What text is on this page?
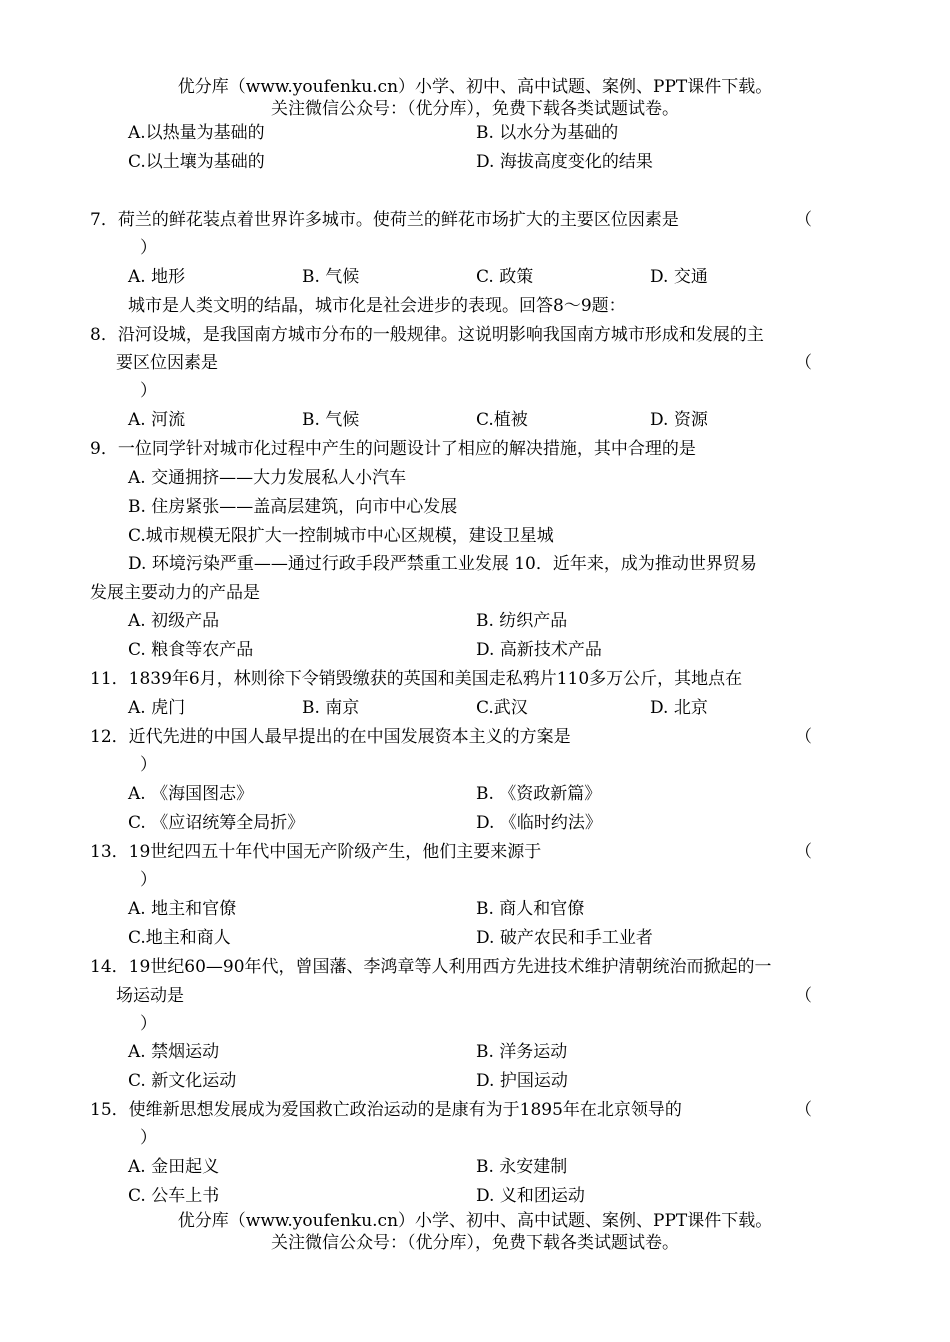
优分库（www.youfenku.cn）小学、初中、高中试题、案例、PPT课件下载。
关注微信公众号：（优分库），免费下载各类试题试卷。
A.以热量为基础的	B. 以水分为基础的
C.以土壤为基础的	D. 海拔高度变化的结果
7．荷兰的鲜花装点着世界许多城市。使荷兰的鲜花市场扩大的主要区位因素是	（
）
A. 地形	B. 气候	C. 政策	D. 交通
城市是人类文明的结晶，城市化是社会进步的表现。回答8～9题：
8．沿河设城，是我国南方城市分布的一般规律。这说明影响我国南方城市形成和发展的主
要区位因素是	（
）
A. 河流	B. 气候	C.植被	D. 资源
9．一位同学针对城市化过程中产生的问题设计了相应的解决措施，其中合理的是
A. 交通拥挤——大力发展私人小汽车
B. 住房紧张——盖高层建筑，向市中心发展
C.城市规模无限扩大一控制城市中心区规模，建设卫星城
D. 环境污染严重——通过行政手段严禁重工业发展 10．近年来，成为推动世界贸易
发展主要动力的产品是
A. 初级产品	B. 纺织产品
C. 粮食等农产品	D. 高新技术产品
11．1839年6月，林则徐下令销毁缴获的英国和美国走私鸦片110多万公斤，其地点在
A. 虎门	B. 南京	C.武汉	D. 北京
12．近代先进的中国人最早提出的在中国发展资本主义的方案是	（
）
A. 《海国图志》	B. 《资政新篇》
C. 《应诏统筹全局折》	D. 《临时约法》
13．19世纪四五十年代中国无产阶级产生，他们主要来源于	（
）
A. 地主和官僚	B. 商人和官僚
C.地主和商人	D. 破产农民和手工业者
14．19世纪60—90年代，曾国藩、李鸿章等人利用西方先进技术维护清朝统治而掀起的一
场运动是	（
）
A. 禁烟运动	B. 洋务运动
C. 新文化运动	D. 护国运动
15．使维新思想发展成为爱国救亡政治运动的是康有为于1895年在北京领导的	（
）
A. 金田起义	B. 永安建制
C. 公车上书	D. 义和团运动
优分库（www.youfenku.cn）小学、初中、高中试题、案例、PPT课件下载。
关注微信公众号：（优分库），免费下载各类试题试卷。
